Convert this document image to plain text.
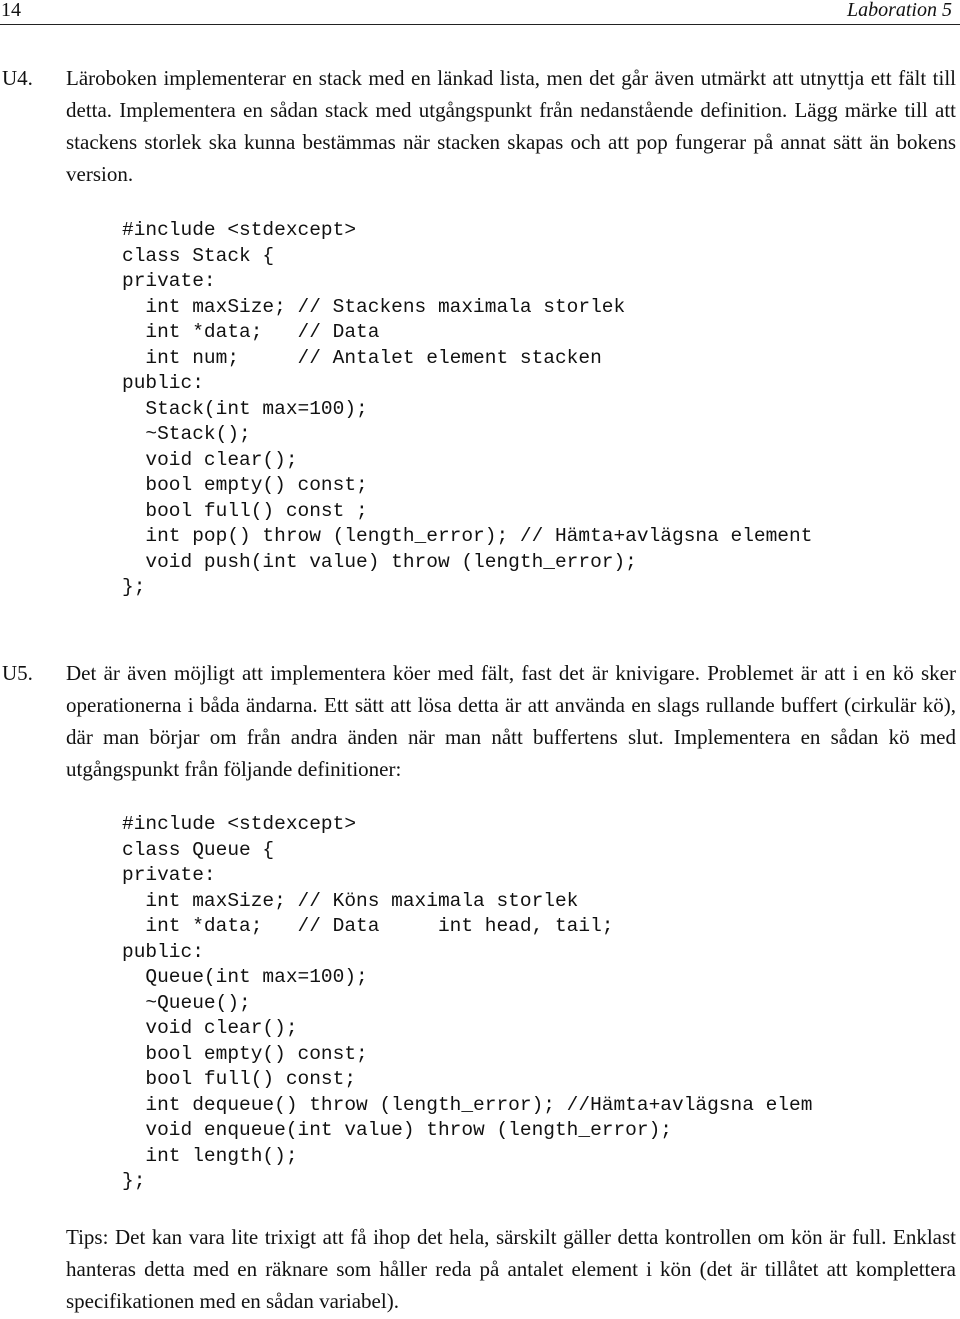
14	Laboration 5
U4. Läroboken implementerar en stack med en länkad lista, men det går även utmärkt att utnyttja ett fält till detta. Implementera en sådan stack med utgångspunkt från nedanstående definition. Lägg märke till att stackens storlek ska kunna bestämmas när stacken skapas och att pop fungerar på annat sätt än bokens version.

#include <stdexcept>
class Stack {
private:
int maxSize; // Stackens maximala storlek
int *data;   // Data
int num;     // Antalet element stacken
public:
Stack(int max=100);
~Stack();
void clear();
bool empty() const;
bool full() const ;
int pop() throw (length_error); // Hämta+avlägsna element
void push(int value) throw (length_error);
};
U5. Det är även möjligt att implementera köer med fält, fast det är knivigare. Problemet är att i en kö sker operationerna i båda ändarna. Ett sätt att lösa detta är att använda en slags rullande buffert (cirkulär kö), där man börjar om från andra änden när man nått buffertens slut. Implementera en sådan kö med utgångspunkt från följande definitioner:

#include <stdexcept>
class Queue {
private:
int maxSize; // Köns maximala storlek
int *data;   // Data     int head, tail;
public:
Queue(int max=100);
~Queue();
void clear();
bool empty() const;
bool full() const;
int dequeue() throw (length_error); //Hämta+avlägsna elem
void enqueue(int value) throw (length_error);
int length();
};

Tips: Det kan vara lite trixigt att få ihop det hela, särskilt gäller detta kontrollen om kön är full. Enklast hanteras detta med en räknare som håller reda på antalet element i kön (det är tillåtet att komplettera specifikationen med en sådan variabel).
